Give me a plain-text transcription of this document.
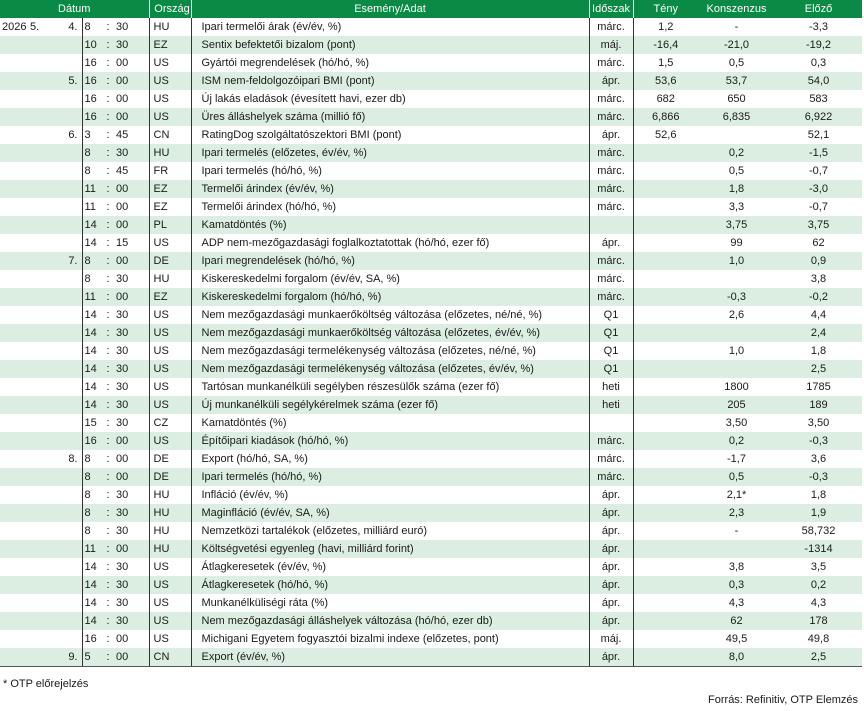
Dátum						Ország	Esemény/Adat	Időszak	Tény	Konszenzus	Előző
2026	5.	4.	8	:	30	HU	Ipari termelői árak (év/év, %)	márc.	1,2	-	-3,3
			10	:	30	EZ	Sentix befektetői bizalom (pont)	máj.	-16,4	-21,0	-19,2
			16	:	00	US	Gyártói megrendelések (hó/hó, %)	márc.	1,5	0,5	0,3
		5.	16	:	00	US	ISM nem-feldolgozóipari BMI (pont)	ápr.	53,6	53,7	54,0
			16	:	00	US	Új lakás eladások (évesített havi, ezer db)	márc.	682	650	583
			16	:	00	US	Üres álláshelyek száma (millió fő)	márc.	6,866	6,835	6,922
		6.	3	:	45	CN	RatingDog szolgáltatószektori BMI (pont)	ápr.	52,6		52,1
			8	:	30	HU	Ipari termelés (előzetes, év/év, %)	márc.		0,2	-1,5
			8	:	45	FR	Ipari termelés (hó/hó, %)	márc.		0,5	-0,7
			11	:	00	EZ	Termelői árindex (év/év, %)	márc.		1,8	-3,0
			11	:	00	EZ	Termelői árindex (hó/hó, %)	márc.		3,3	-0,7
			14	:	00	PL	Kamatdöntés (%)			3,75	3,75
			14	:	15	US	ADP nem-mezőgazdasági foglalkoztatottak (hó/hó, ezer fő)	ápr.		99	62
		7.	8	:	00	DE	Ipari megrendelések (hó/hó, %)	márc.		1,0	0,9
			8	:	30	HU	Kiskereskedelmi forgalom (év/év, SA, %)	márc.			3,8
			11	:	00	EZ	Kiskereskedelmi forgalom (hó/hó, %)	márc.		-0,3	-0,2
			14	:	30	US	Nem mezőgazdasági munkaerőköltség változása (előzetes, né/né, %)	Q1		2,6	4,4
			14	:	30	US	Nem mezőgazdasági munkaerőköltség változása (előzetes, év/év, %)	Q1			2,4
			14	:	30	US	Nem mezőgazdasági termelékenység változása (előzetes, né/né, %)	Q1		1,0	1,8
			14	:	30	US	Nem mezőgazdasági termelékenység változása (előzetes, év/év, %)	Q1			2,5
			14	:	30	US	Tartósan munkanélküli segélyben részesülők száma (ezer fő)	heti		1800	1785
			14	:	30	US	Új munkanélküli segélykérelmek száma (ezer fő)	heti		205	189
			15	:	30	CZ	Kamatdöntés (%)			3,50	3,50
			16	:	00	US	Építőipari kiadások (hó/hó, %)	márc.		0,2	-0,3
		8.	8	:	00	DE	Export (hó/hó, SA, %)	márc.		-1,7	3,6
			8	:	00	DE	Ipari termelés (hó/hó, %)	márc.		0,5	-0,3
			8	:	30	HU	Infláció (év/év, %)	ápr.		2,1*	1,8
			8	:	30	HU	Maginfláció (év/év, SA, %)	ápr.		2,3	1,9
			8	:	30	HU	Nemzetközi tartalékok (előzetes, milliárd euró)	ápr.		-	58,732
			11	:	00	HU	Költségvetési egyenleg (havi, milliárd forint)	ápr.			-1314
			14	:	30	US	Átlagkeresetek (év/év, %)	ápr.		3,8	3,5
			14	:	30	US	Átlagkeresetek (hó/hó, %)	ápr.		0,3	0,2
			14	:	30	US	Munkanélküliségi ráta (%)	ápr.		4,3	4,3
			14	:	30	US	Nem mezőgazdasági álláshelyek változása (hó/hó, ezer db)	ápr.		62	178
			16	:	00	US	Michigani Egyetem fogyasztói bizalmi indexe (előzetes, pont)	máj.		49,5	49,8
		9.	5	:	00	CN	Export (év/év, %)	ápr.		8,0	2,5
* OTP előrejelzés
Forrás: Refinitiv, OTP Elemzés
